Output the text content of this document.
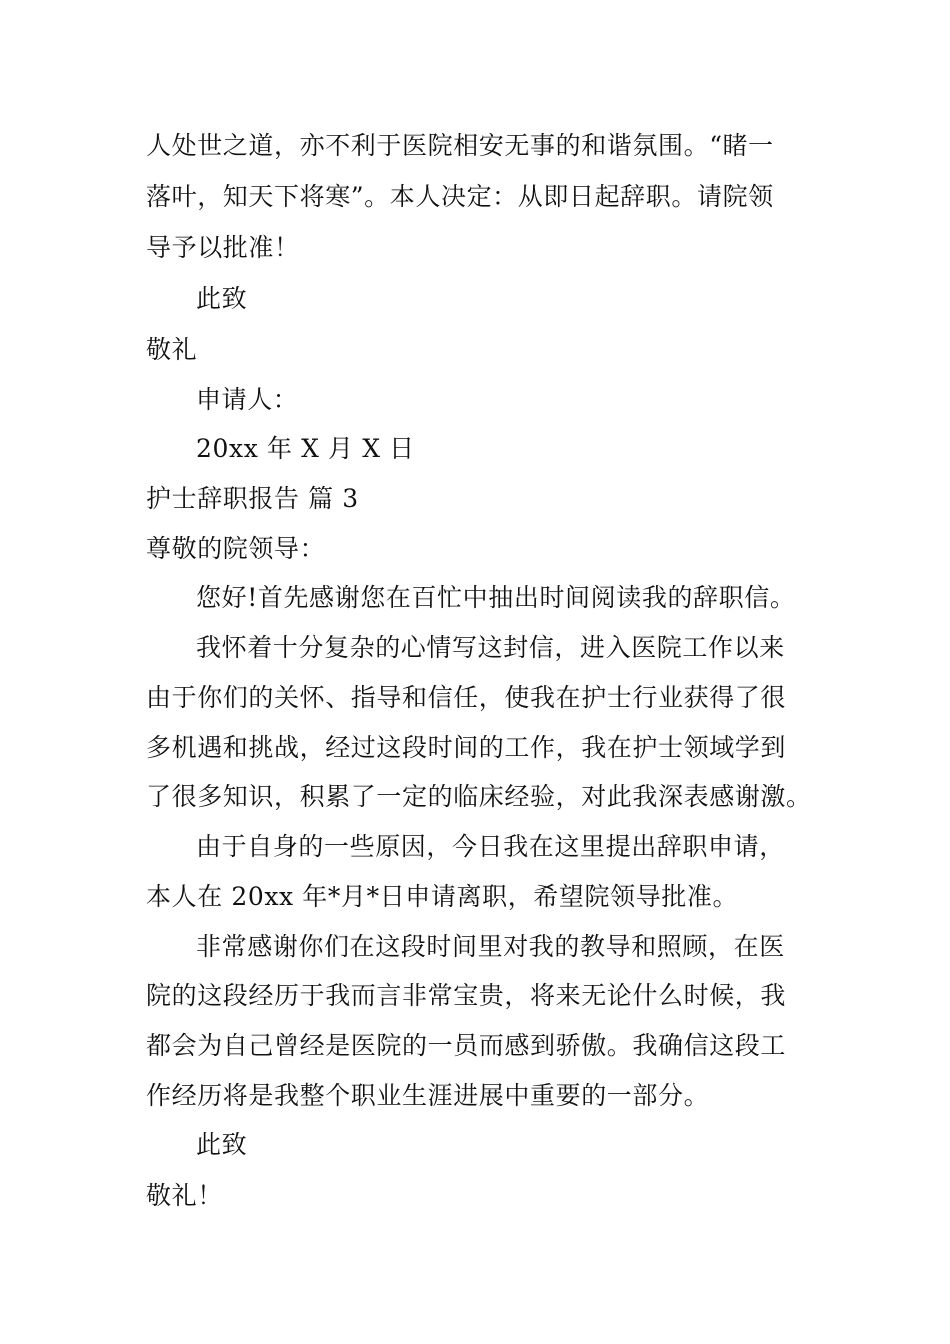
人处世之道，亦不利于医院相安无事的和谐氛围。“睹一
落叶，知天下将寒”。本人决定：从即日起辞职。请院领
导予以批准！
此致
敬礼
申请人：
20xx 年 X 月 X 日
护士辞职报告 篇 3
尊敬的院领导：
您好!首先感谢您在百忙中抽出时间阅读我的辞职信。
我怀着十分复杂的心情写这封信，进入医院工作以来
由于你们的关怀、指导和信任，使我在护士行业获得了很
多机遇和挑战，经过这段时间的工作，我在护士领域学到
了很多知识，积累了一定的临床经验，对此我深表感谢激。
由于自身的一些原因，今日我在这里提出辞职申请，
本人在 20xx 年*月*日申请离职，希望院领导批准。
非常感谢你们在这段时间里对我的教导和照顾，在医
院的这段经历于我而言非常宝贵，将来无论什么时候，我
都会为自己曾经是医院的一员而感到骄傲。我确信这段工
作经历将是我整个职业生涯进展中重要的一部分。
此致
敬礼！
